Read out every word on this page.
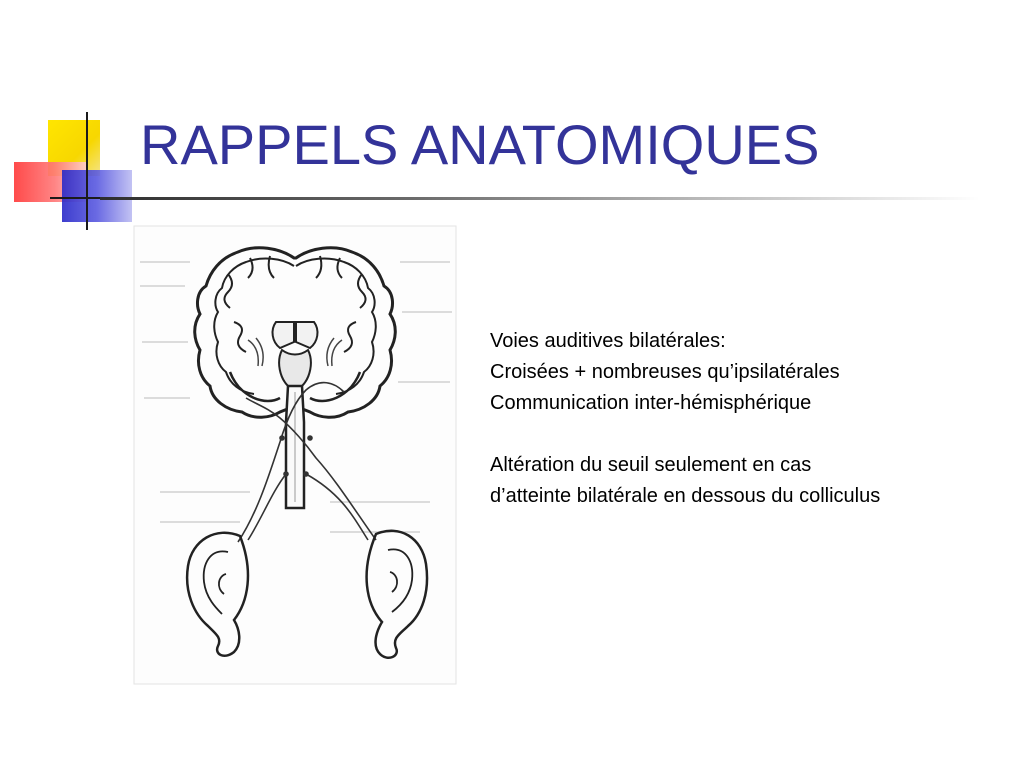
RAPPELS ANATOMIQUES

Voies auditives bilatérales:

Croisées + nombreuses qu’ipsilatérales

Communication inter-hémisphérique

Altération du seuil seulement en cas

d’atteinte bilatérale en dessous du colliculus
